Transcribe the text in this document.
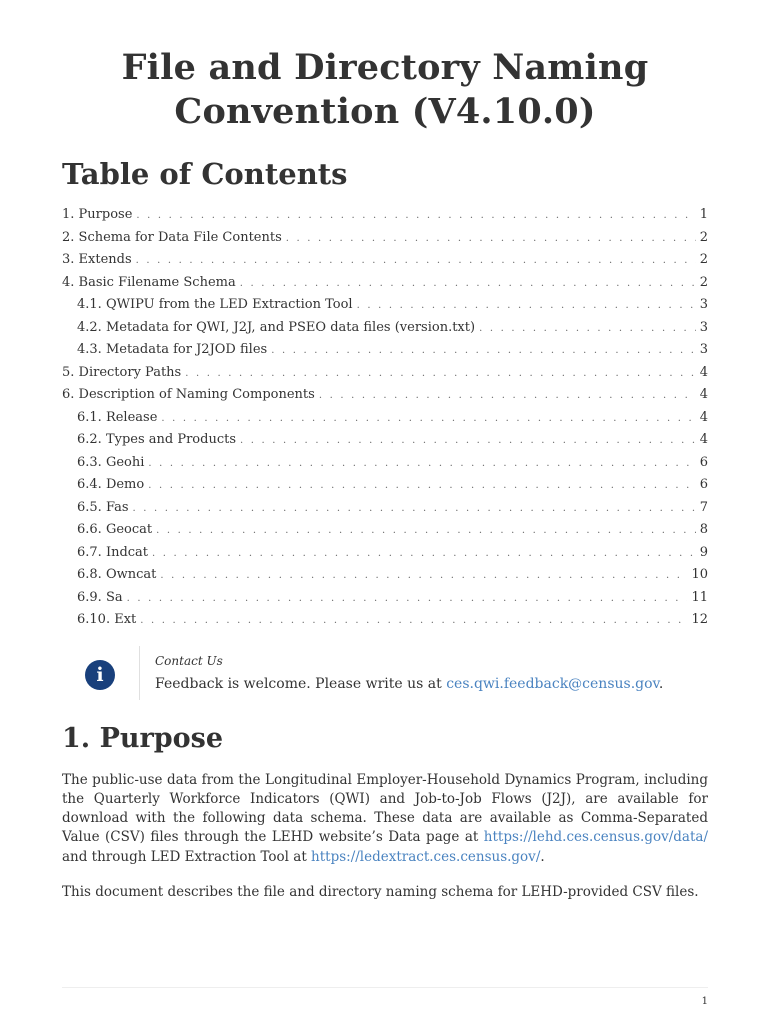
File and Directory Naming Convention (V4.10.0)
Table of Contents
1. Purpose . . .	1
2. Schema for Data File Contents . . .	2
3. Extends . . .	2
4. Basic Filename Schema . . .	2
4.1. QWIPU from the LED Extraction Tool . . .	3
4.2. Metadata for QWI, J2J, and PSEO data files (version.txt) . . .	3
4.3. Metadata for J2JOD files . . .	3
5. Directory Paths . . .	4
6. Description of Naming Components . . .	4
6.1. Release . . .	4
6.2. Types and Products . . .	4
6.3. Geohi . . .	6
6.4. Demo . . .	6
6.5. Fas . . .	7
6.6. Geocat . . .	8
6.7. Indcat . . .	9
6.8. Owncat . . .	10
6.9. Sa . . .	11
6.10. Ext . . .	12
i
Contact Us
Feedback is welcome. Please write us at ces.qwi.feedback@census.gov.
1. Purpose

The public-use data from the Longitudinal Employer-Household Dynamics Program, including the Quarterly Workforce Indicators (QWI) and Job-to-Job Flows (J2J), are available for download with the following data schema. These data are available as Comma-Separated Value (CSV) files through the LEHD website’s Data page at https://lehd.ces.census.gov/data/ and through LED Extraction Tool at https://ledextract.ces.census.gov/.

This document describes the file and directory naming schema for LEHD-provided CSV files.

1
